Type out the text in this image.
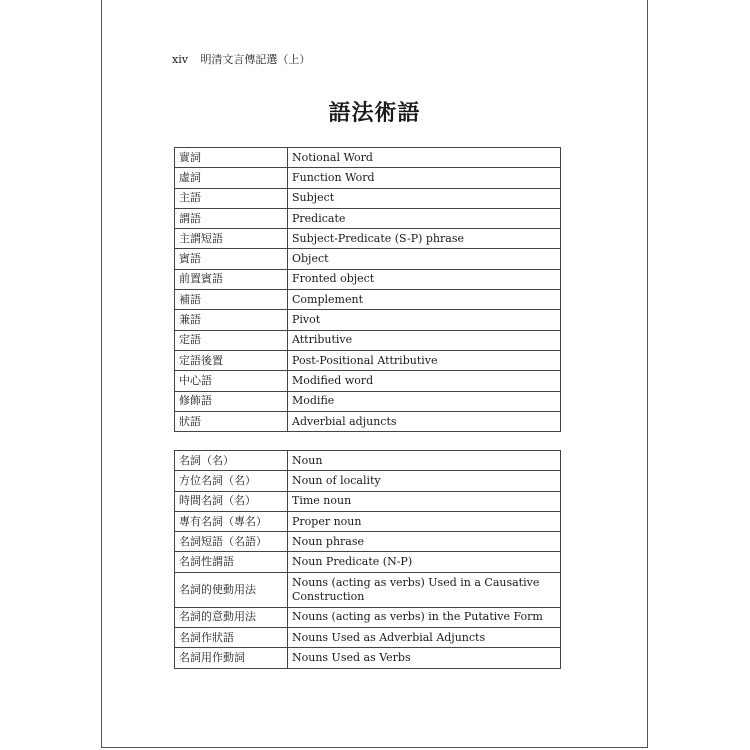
xiv 明清文言傳記選（上）
語法術語
實詞	Notional Word
虛詞	Function Word
主語	Subject
謂語	Predicate
主謂短語	Subject-Predicate (S-P) phrase
賓語	Object
前置賓語	Fronted object
補語	Complement
兼語	Pivot
定語	Attributive
定語後置	Post-Positional Attributive
中心語	Modified word
修飾語	Modifie
狀語	Adverbial adjuncts
名詞（名）	Noun
方位名詞（名）	Noun of locality
時間名詞（名）	Time noun
專有名詞（專名）	Proper noun
名詞短語（名語）	Noun phrase
名詞性謂語	Noun Predicate (N-P)
名詞的使動用法	Nouns (acting as verbs) Used in a Causative Construction
名詞的意動用法	Nouns (acting as verbs) in the Putative Form
名詞作狀語	Nouns Used as Adverbial Adjuncts
名詞用作動詞	Nouns Used as Verbs
